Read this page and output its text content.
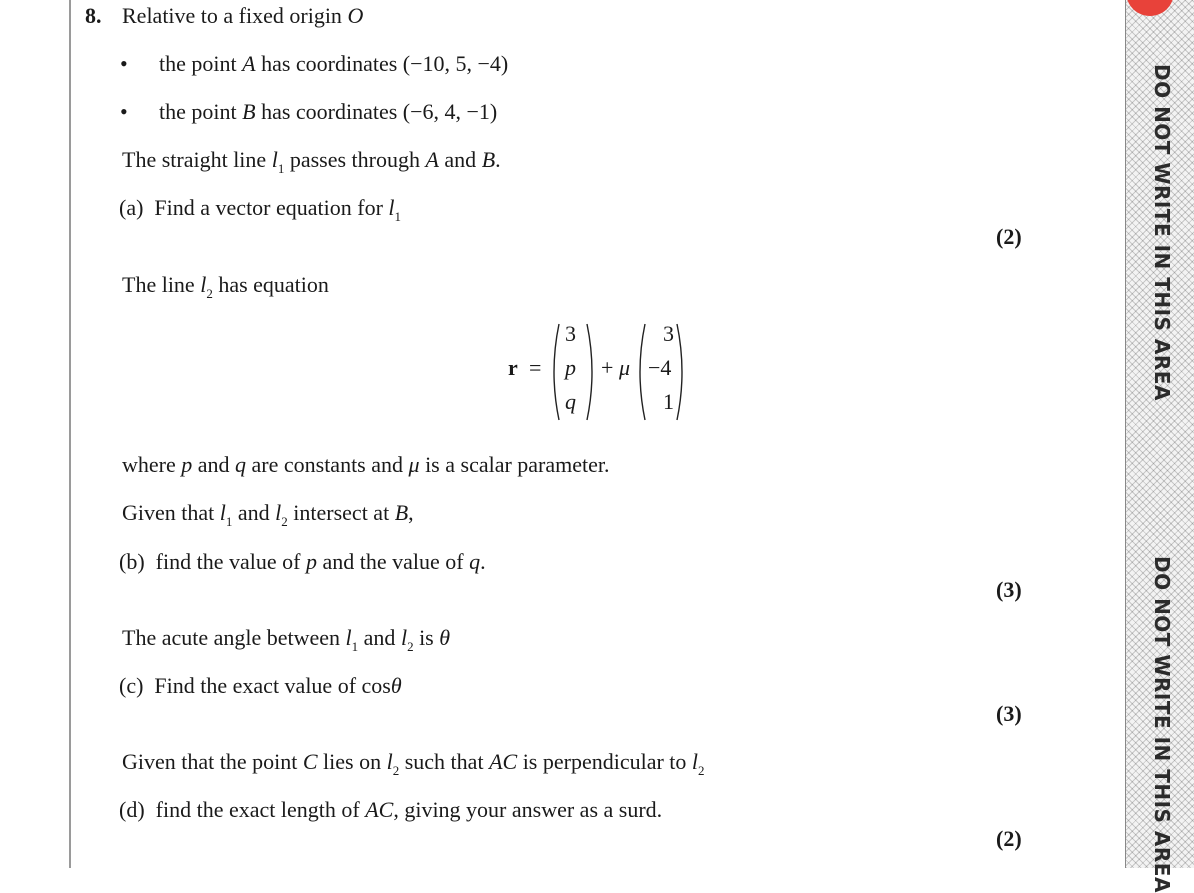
8. Relative to a fixed origin O
• the point A has coordinates (−10, 5, −4)
• the point B has coordinates (−6, 4, −1)
The straight line $l_1$ passes through A and B.
(a) Find a vector equation for $l_1$
(2)
The line $l_2$ has equation
r =
3
p
q
+ μ
3
−4
1
where p and q are constants and μ is a scalar parameter.
Given that $l_1$ and $l_2$ intersect at B,
(b) find the value of p and the value of q.
(3)
The acute angle between $l_1$ and $l_2$ is θ
(c) Find the exact value of cosθ
(3)
Given that the point C lies on $l_2$ such that AC is perpendicular to $l_2$
(d) find the exact length of AC, giving your answer as a surd.
(2)
DO NOT WRITE IN THIS AREA
DO NOT WRITE IN THIS AREA
